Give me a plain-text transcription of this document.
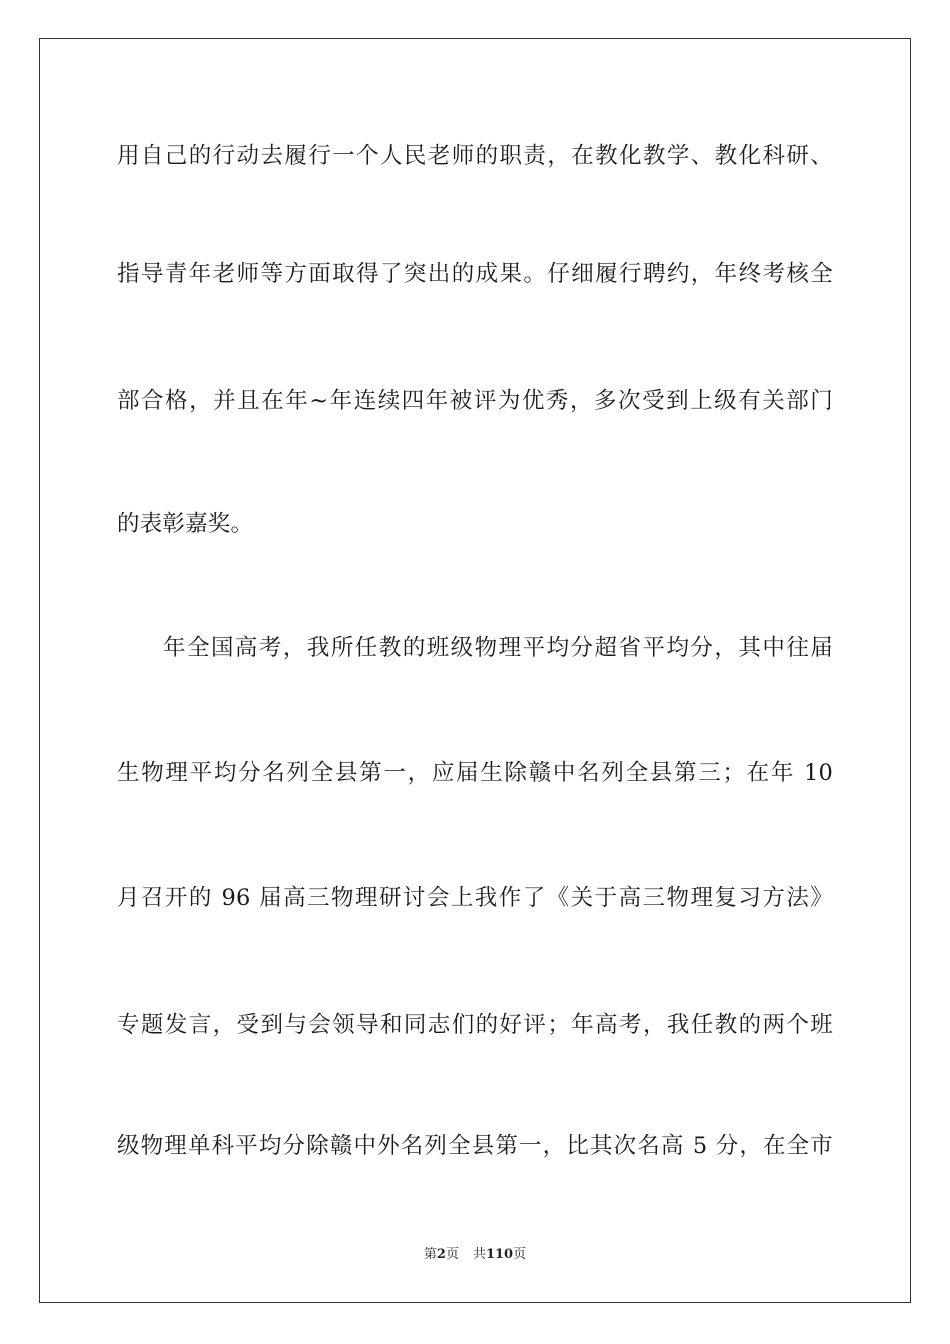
用自己的行动去履行一个人民老师的职责，在教化教学、教化科研、
指导青年老师等方面取得了突出的成果。仔细履行聘约，年终考核全
部合格，并且在年~年连续四年被评为优秀，多次受到上级有关部门
的表彰嘉奖。
年全国高考，我所任教的班级物理平均分超省平均分，其中往届
生物理平均分名列全县第一，应届生除赣中名列全县第三；在年 10
月召开的 96 届高三物理研讨会上我作了《关于高三物理复习方法》
专题发言，受到与会领导和同志们的好评；年高考，我任教的两个班
级物理单科平均分除赣中外名列全县第一，比其次名高 5 分，在全市
第2页 共110页
